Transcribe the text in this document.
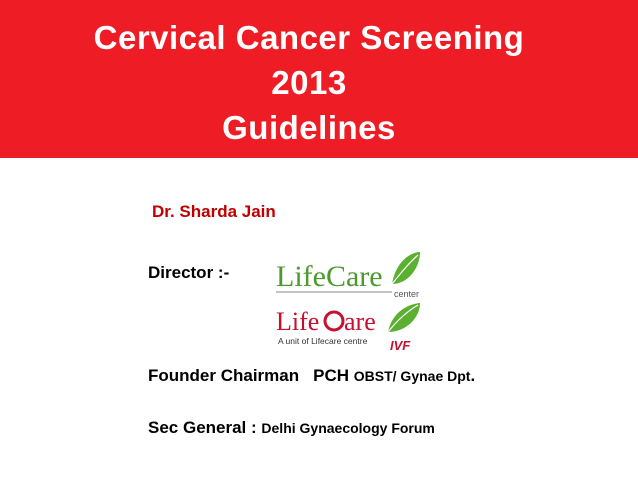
Cervical Cancer Screening
2013
Guidelines
Dr. Sharda Jain
Director :- LifeCare
center
Life are
A unit of Lifecare centre IVF
Founder Chairman PCH OBST/ Gynae Dpt.
Sec General : Delhi Gynaecology Forum
